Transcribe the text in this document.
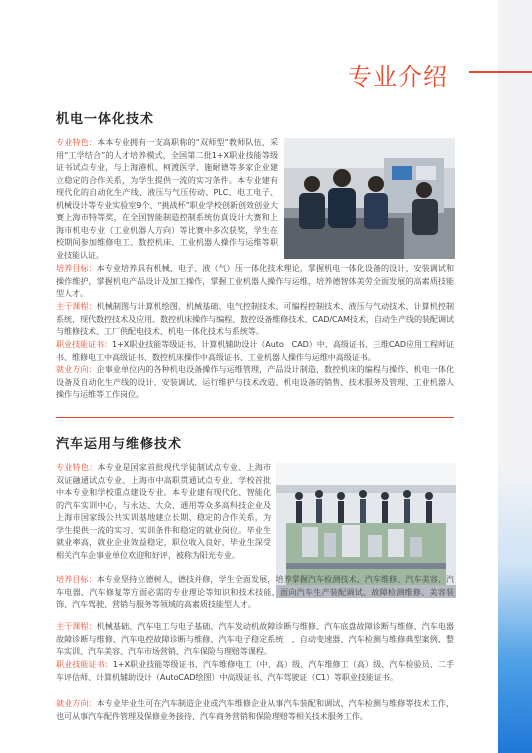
专业介绍
机电一体化技术
专业特色：本本专业拥有一支高职称的“双师型”教师队伍，采用“工学结合”的人才培养模式，全国第二批1+X职业技能等级证书试点专业，与上海港机、柯渡医学、施耐德等多家企业建立稳定的合作关系，为学生提供一流的实习条件。本专业建有现代化的自动化生产线、液压与气压传动、PLC、电工电子、机械设计等专业实验室9个、“挑战杯”职业学校创新创效创业大赛上海市特等奖，在全国智能制造控制系统仿真设计大赛和上海市机电专业（工业机器人方向）等比赛中多次获奖，学生在校期间参加维修电工、数控机床、工业机器人操作与运维等职业技能认证。
培养目标：本专业培养具有机械、电子、液（气）压一体化技术理论，掌握机电一体化设备的设计、安装调试和操作维护，掌握机电产品设计及加工操作，掌握工业机器人操作与运维，培养德智体美劳全面发展的高素质技能型人才。
主干课程：机械制图与计算机绘图、机械基础、电气控制技术、可编程控制技术、液压与气动技术、计算机控制系统、现代数控技术及应用、数控机床操作与编程、数控设备维修技术、CAD/CAM技术，自动生产线的装配调试与维修技术、工厂供配电技术、机电一体化技术与系统等。
职业技能证书：1+X职业技能等级证书、计算机辅助设计（Auto　CAD）中、高级证书、三维CAD应用工程师证书、维修电工中高级证书、数控机床操作中高级证书、工业机器人操作与运维中高级证书。
就业方向：企事业单位内的各种机电设备操作与运维管理，产品设计制造，数控机床的编程与操作、机电一体化设备及自动化生产线的设计、安装调试、运行维护与技术改造、机电设备的销售、技术服务及管理、工业机器人操作与运维等工作岗位。
汽车运用与维修技术
专业特色：本专业是国家首批现代学徒制试点专业、上海市双证融通试点专业、上海市中高职贯通试点专业、学校首批中本专业和学校重点建设专业。本专业建有现代化、智能化的汽车实训中心，与永达、大众、通用等众多高科技企业及上海市国家级公共实训基地建立长期、稳定的合作关系，为学生提供一流的实习、实训条件和稳定的就业岗位。毕业生就业率高，就业企业效益稳定，职位收入良好，毕业生深受相关汽车企事业单位欢迎和好评，被称为阳光专业。
培养目标：本专业坚持立德树人，德技并修，学生全面发展，培养掌握汽车检测技术、汽车维修、汽车美容、汽车电器、汽车修复等方面必需的专业理论等知识和技术技能，面向汽车生产装配调试、故障检测维修、美容装饰、汽车驾驶、营销与服务等领域的高素质技能型人才。
主干课程：机械基础、汽车电工与电子基础、汽车发动机故障诊断与维修、汽车底盘故障诊断与维修、汽车电器故障诊断与维修、汽车电控故障诊断与维修、汽车电子稳定系统　、自动变速器、汽车检测与维修典型案例、整车实训、汽车美容、汽车市场营销、汽车保险与理赔等课程。
职业技能证书：1+X职业技能等级证书、汽车维修电工（中、高）级、汽车维修工（高）级、汽车检验员、二手车评估师、计算机辅助设计（AutoCAD绘图）中高级证书、汽车驾驶证（C1）等职业技能证书。
就业方向：本专业毕业生可在汽车制造企业或汽车维修企业从事汽车装配和调试、汽车检测与维修等技术工作，也可从事汽车配件管理及保修业务接待、汽车商务营销和保险理赔等相关技术服务工作。
